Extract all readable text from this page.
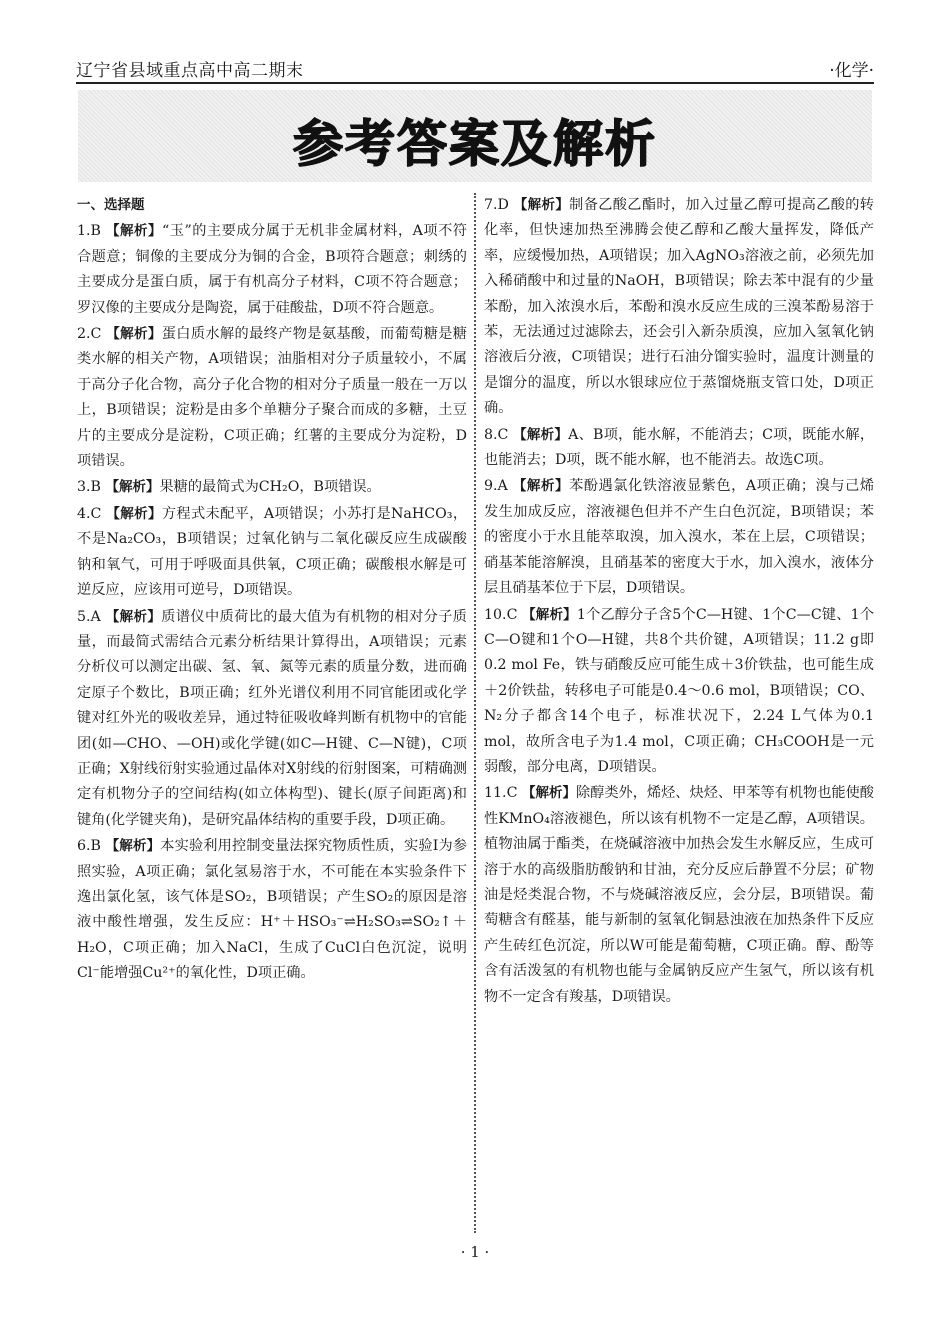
辽宁省县域重点高中高二期末	·化学·
参考答案及解析
一、选择题
1.B 【解析】“玉”的主要成分属于无机非金属材料，A项不符合题意；铜像的主要成分为铜的合金，B项符合题意；刺绣的主要成分是蛋白质，属于有机高分子材料，C项不符合题意；罗汉像的主要成分是陶瓷，属于硅酸盐，D项不符合题意。
2.C 【解析】蛋白质水解的最终产物是氨基酸，而葡萄糖是糖类水解的相关产物，A项错误；油脂相对分子质量较小，不属于高分子化合物，高分子化合物的相对分子质量一般在一万以上，B项错误；淀粉是由多个单糖分子聚合而成的多糖，土豆片的主要成分是淀粉，C项正确；红薯的主要成分为淀粉，D项错误。
3.B 【解析】果糖的最简式为CH₂O，B项错误。
4.C 【解析】方程式未配平，A项错误；小苏打是NaHCO₃，不是Na₂CO₃，B项错误；过氧化钠与二氧化碳反应生成碳酸钠和氧气，可用于呼吸面具供氧，C项正确；碳酸根水解是可逆反应，应该用可逆号，D项错误。
5.A 【解析】质谱仪中质荷比的最大值为有机物的相对分子质量，而最简式需结合元素分析结果计算得出，A项错误；元素分析仪可以测定出碳、氢、氧、氮等元素的质量分数，进而确定原子个数比，B项正确；红外光谱仪利用不同官能团或化学键对红外光的吸收差异，通过特征吸收峰判断有机物中的官能团(如—CHO、—OH)或化学键(如C—H键、C—N键)，C项正确；X射线衍射实验通过晶体对X射线的衍射图案，可精确测定有机物分子的空间结构(如立体构型)、键长(原子间距离)和键角(化学键夹角)，是研究晶体结构的重要手段，D项正确。
6.B 【解析】本实验利用控制变量法探究物质性质，实验Ⅰ为参照实验，A项正确；氯化氢易溶于水，不可能在本实验条件下逸出氯化氢，该气体是SO₂，B项错误；产生SO₂的原因是溶液中酸性增强，发生反应：H⁺＋HSO₃⁻⇌H₂SO₃⇌SO₂↑＋H₂O，C项正确；加入NaCl，生成了CuCl白色沉淀，说明Cl⁻能增强Cu²⁺的氧化性，D项正确。
7.D 【解析】制备乙酸乙酯时，加入过量乙醇可提高乙酸的转化率，但快速加热至沸腾会使乙醇和乙酸大量挥发，降低产率，应缓慢加热，A项错误；加入AgNO₃溶液之前，必须先加入稀硝酸中和过量的NaOH，B项错误；除去苯中混有的少量苯酚，加入浓溴水后，苯酚和溴水反应生成的三溴苯酚易溶于苯，无法通过过滤除去，还会引入新杂质溴，应加入氢氧化钠溶液后分液，C项错误；进行石油分馏实验时，温度计测量的是馏分的温度，所以水银球应位于蒸馏烧瓶支管口处，D项正确。
8.C 【解析】A、B项，能水解，不能消去；C项，既能水解，也能消去；D项，既不能水解，也不能消去。故选C项。
9.A 【解析】苯酚遇氯化铁溶液显紫色，A项正确；溴与己烯发生加成反应，溶液褪色但并不产生白色沉淀，B项错误；苯的密度小于水且能萃取溴，加入溴水，苯在上层，C项错误；硝基苯能溶解溴，且硝基苯的密度大于水，加入溴水，液体分层且硝基苯位于下层，D项错误。
10.C 【解析】1个乙醇分子含5个C—H键、1个C—C键、1个C—O键和1个O—H键，共8个共价键，A项错误；11.2 g即0.2 mol Fe，铁与硝酸反应可能生成＋3价铁盐，也可能生成＋2价铁盐，转移电子可能是0.4～0.6 mol，B项错误；CO、N₂分子都含14个电子，标准状况下，2.24 L气体为0.1 mol，故所含电子为1.4 mol，C项正确；CH₃COOH是一元弱酸，部分电离，D项错误。
11.C 【解析】除醇类外，烯烃、炔烃、甲苯等有机物也能使酸性KMnO₄溶液褪色，所以该有机物不一定是乙醇，A项错误。植物油属于酯类，在烧碱溶液中加热会发生水解反应，生成可溶于水的高级脂肪酸钠和甘油，充分反应后静置不分层；矿物油是烃类混合物，不与烧碱溶液反应，会分层，B项错误。葡萄糖含有醛基，能与新制的氢氧化铜悬浊液在加热条件下反应产生砖红色沉淀，所以W可能是葡萄糖，C项正确。醇、酚等含有活泼氢的有机物也能与金属钠反应产生氢气，所以该有机物不一定含有羧基，D项错误。
· 1 ·
